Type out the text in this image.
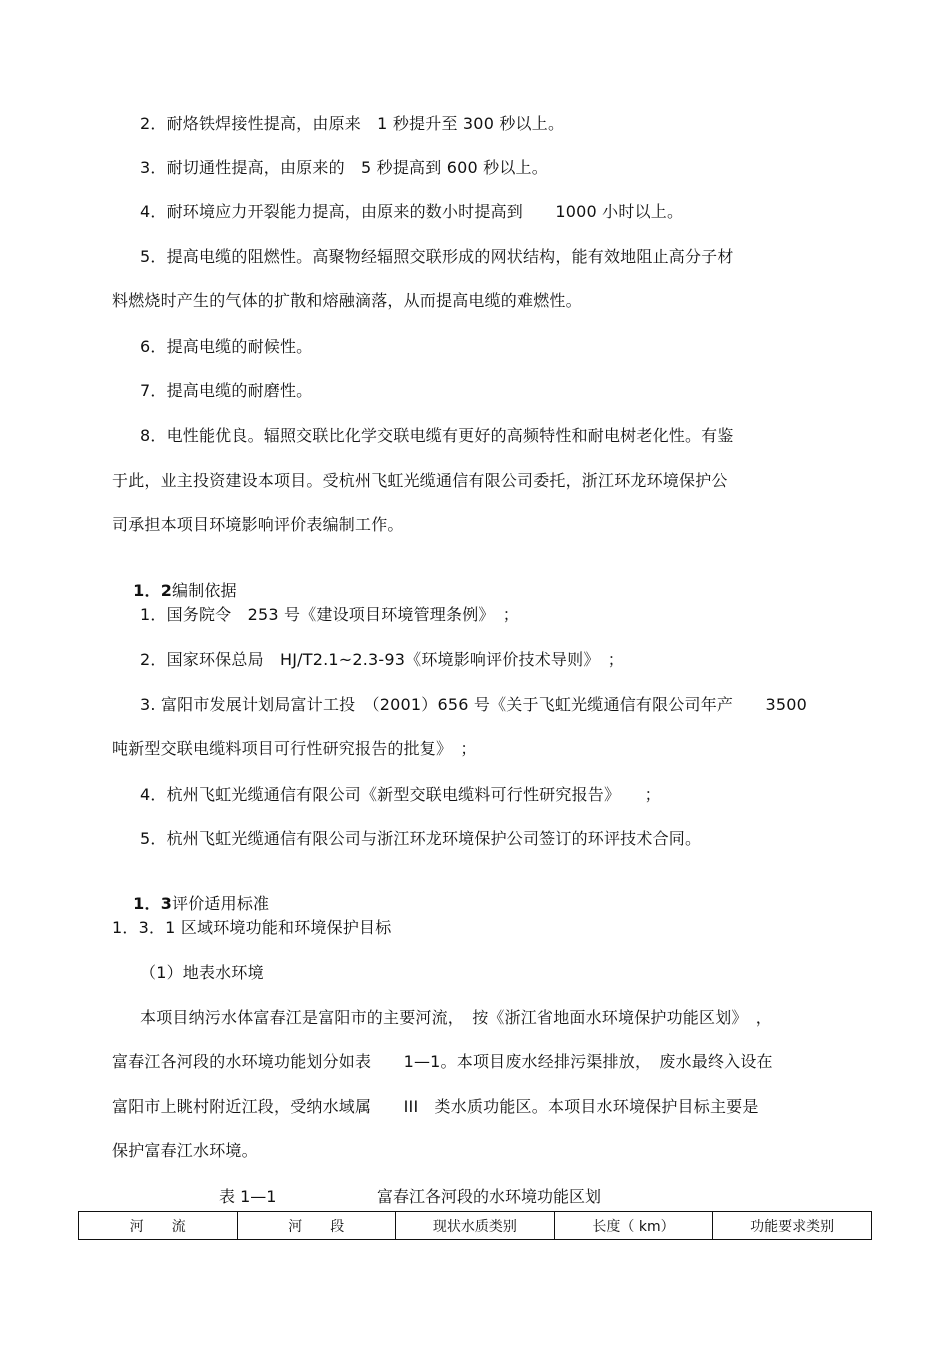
2．耐烙铁焊接性提高，由原来　1 秒提升至 300 秒以上。
3．耐切通性提高，由原来的　5 秒提高到 600 秒以上。
4．耐环境应力开裂能力提高，由原来的数小时提高到　　1000 小时以上。
5．提高电缆的阻燃性。高聚物经辐照交联形成的网状结构，能有效地阻止高分子材
料燃烧时产生的气体的扩散和熔融滴落，从而提高电缆的难燃性。
6．提高电缆的耐候性。
7．提高电缆的耐磨性。
8．电性能优良。辐照交联比化学交联电缆有更好的高频特性和耐电树老化性。有鉴
于此，业主投资建设本项目。受杭州飞虹光缆通信有限公司委托，浙江环龙环境保护公
司承担本项目环境影响评价表编制工作。

1．2编制依据

1．国务院令　253 号《建设项目环境管理条例》　；
2．国家环保总局　HJ/T2.1~2.3-93《环境影响评价技术导则》　；
3. 富阳市发展计划局富计工投　（2001）656 号《关于飞虹光缆通信有限公司年产　　3500
吨新型交联电缆料项目可行性研究报告的批复》　；
4．杭州飞虹光缆通信有限公司《新型交联电缆料可行性研究报告》　　；
5．杭州飞虹光缆通信有限公司与浙江环龙环境保护公司签订的环评技术合同。

1．3评价适用标准

1．3．1 区域环境功能和环境保护目标
（1）地表水环境
本项目纳污水体富春江是富阳市的主要河流，　按《浙江省地面水环境保护功能区划》　，
富春江各河段的水环境功能划分如表　　1—1。本项目废水经排污渠排放，　废水最终入设在
富阳市上眺村附近江段，受纳水域属　　III　类水质功能区。本项目水环境保护目标主要是
保护富春江水环境。
表 1—1	富春江各河段的水环境功能区划
河　　流	河　　段	现状水质类别	长度（ km）	功能要求类别
